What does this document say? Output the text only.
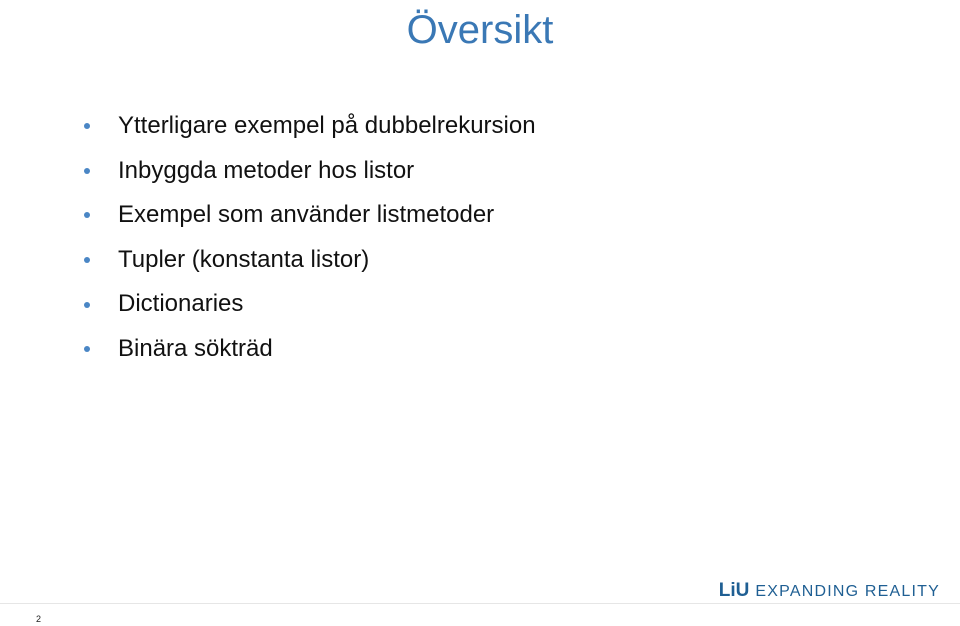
Översikt
Ytterligare exempel på dubbelrekursion
Inbyggda metoder hos listor
Exempel som använder listmetoder
Tupler (konstanta listor)
Dictionaries
Binära sökträd
2
LiU EXPANDING REALITY
